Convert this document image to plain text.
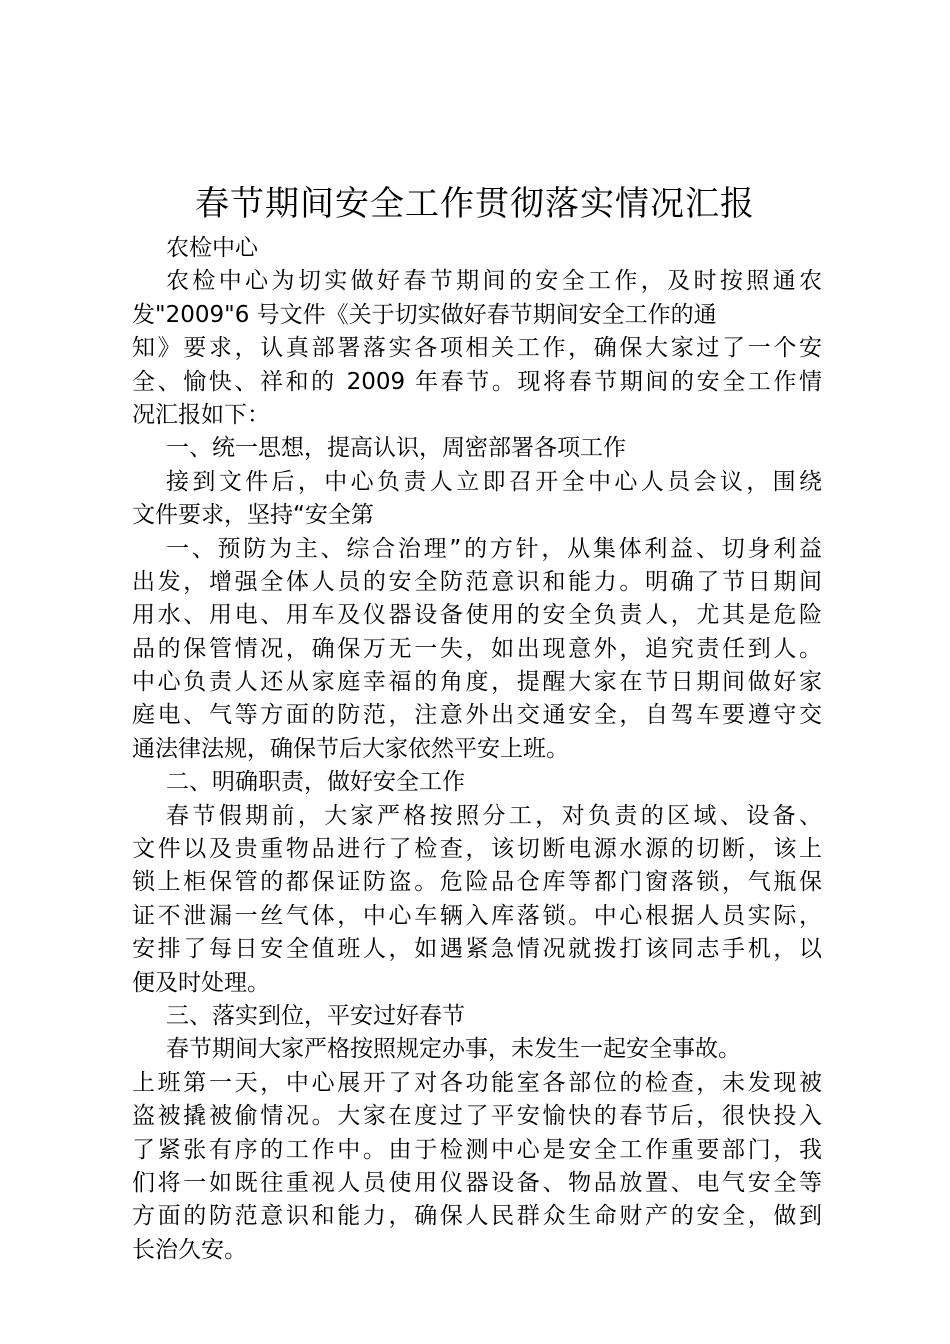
春节期间安全工作贯彻落实情况汇报
农检中心
农检中心为切实做好春节期间的安全工作，及时按照通农
发"2009"6 号文件《关于切实做好春节期间安全工作的通
知》要求，认真部署落实各项相关工作，确保大家过了一个安
全、愉快、祥和的 2009 年春节。现将春节期间的安全工作情
况汇报如下：
一、统一思想，提高认识，周密部署各项工作
接到文件后，中心负责人立即召开全中心人员会议，围绕
文件要求，坚持“安全第
一、预防为主、综合治理”的方针，从集体利益、切身利益
出发，增强全体人员的安全防范意识和能力。明确了节日期间
用水、用电、用车及仪器设备使用的安全负责人，尤其是危险
品的保管情况，确保万无一失，如出现意外，追究责任到人。
中心负责人还从家庭幸福的角度，提醒大家在节日期间做好家
庭电、气等方面的防范，注意外出交通安全，自驾车要遵守交
通法律法规，确保节后大家依然平安上班。
二、明确职责，做好安全工作
春节假期前，大家严格按照分工，对负责的区域、设备、
文件以及贵重物品进行了检查，该切断电源水源的切断，该上
锁上柜保管的都保证防盗。危险品仓库等都门窗落锁，气瓶保
证不泄漏一丝气体，中心车辆入库落锁。中心根据人员实际，
安排了每日安全值班人，如遇紧急情况就拨打该同志手机，以
便及时处理。
三、落实到位，平安过好春节
春节期间大家严格按照规定办事，未发生一起安全事故。
上班第一天，中心展开了对各功能室各部位的检查，未发现被
盗被撬被偷情况。大家在度过了平安愉快的春节后，很快投入
了紧张有序的工作中。由于检测中心是安全工作重要部门，我
们将一如既往重视人员使用仪器设备、物品放置、电气安全等
方面的防范意识和能力，确保人民群众生命财产的安全，做到
长治久安。
